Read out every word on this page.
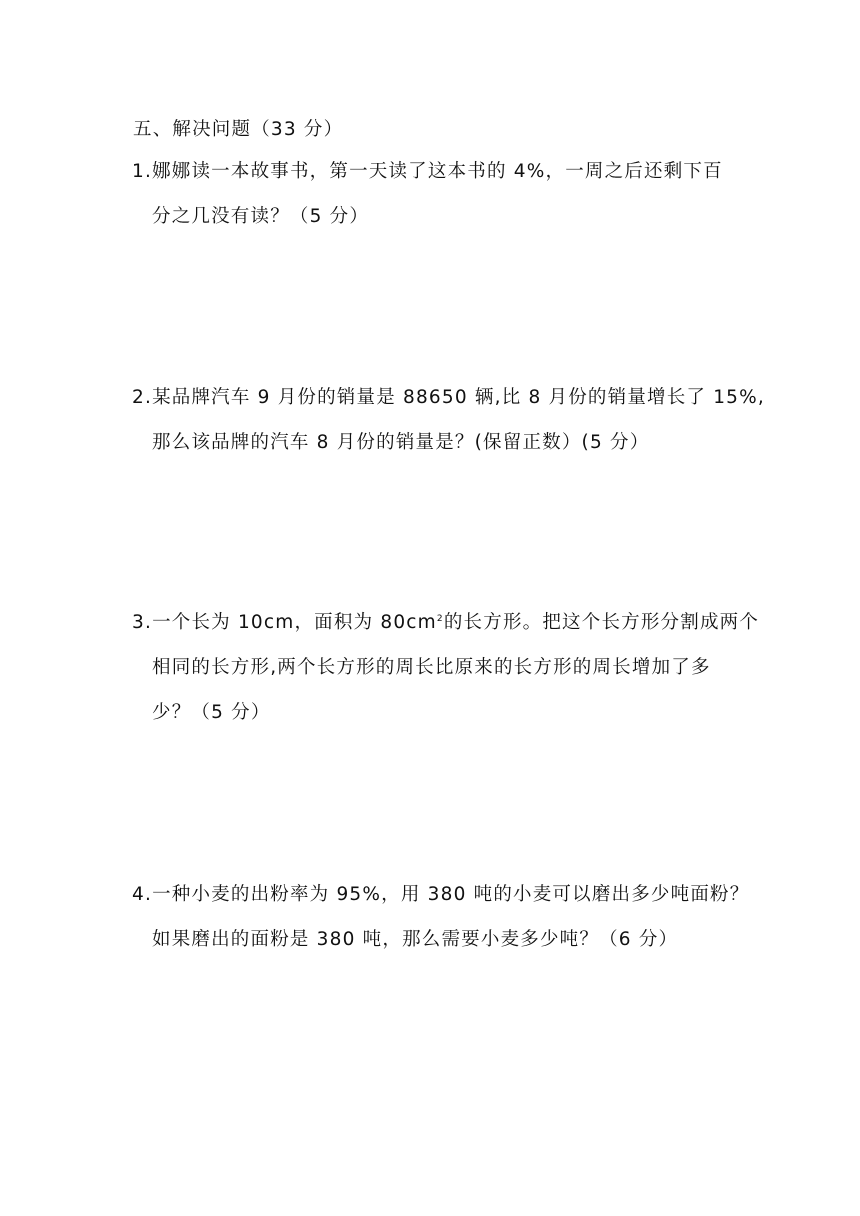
五、解决问题（33 分）
1.娜娜读一本故事书，第一天读了这本书的 4%，一周之后还剩下百
分之几没有读？（5 分）
2.某品牌汽车 9 月份的销量是 88650 辆,比 8 月份的销量增长了 15%,
那么该品牌的汽车 8 月份的销量是？(保留正数）(5 分）
3.一个长为 10cm，面积为 $80cm^2$的长方形。把这个长方形分割成两个
相同的长方形,两个长方形的周长比原来的长方形的周长增加了多
少？（5 分）
4.一种小麦的出粉率为 95%，用 380 吨的小麦可以磨出多少吨面粉？
如果磨出的面粉是 380 吨，那么需要小麦多少吨？（6 分）
